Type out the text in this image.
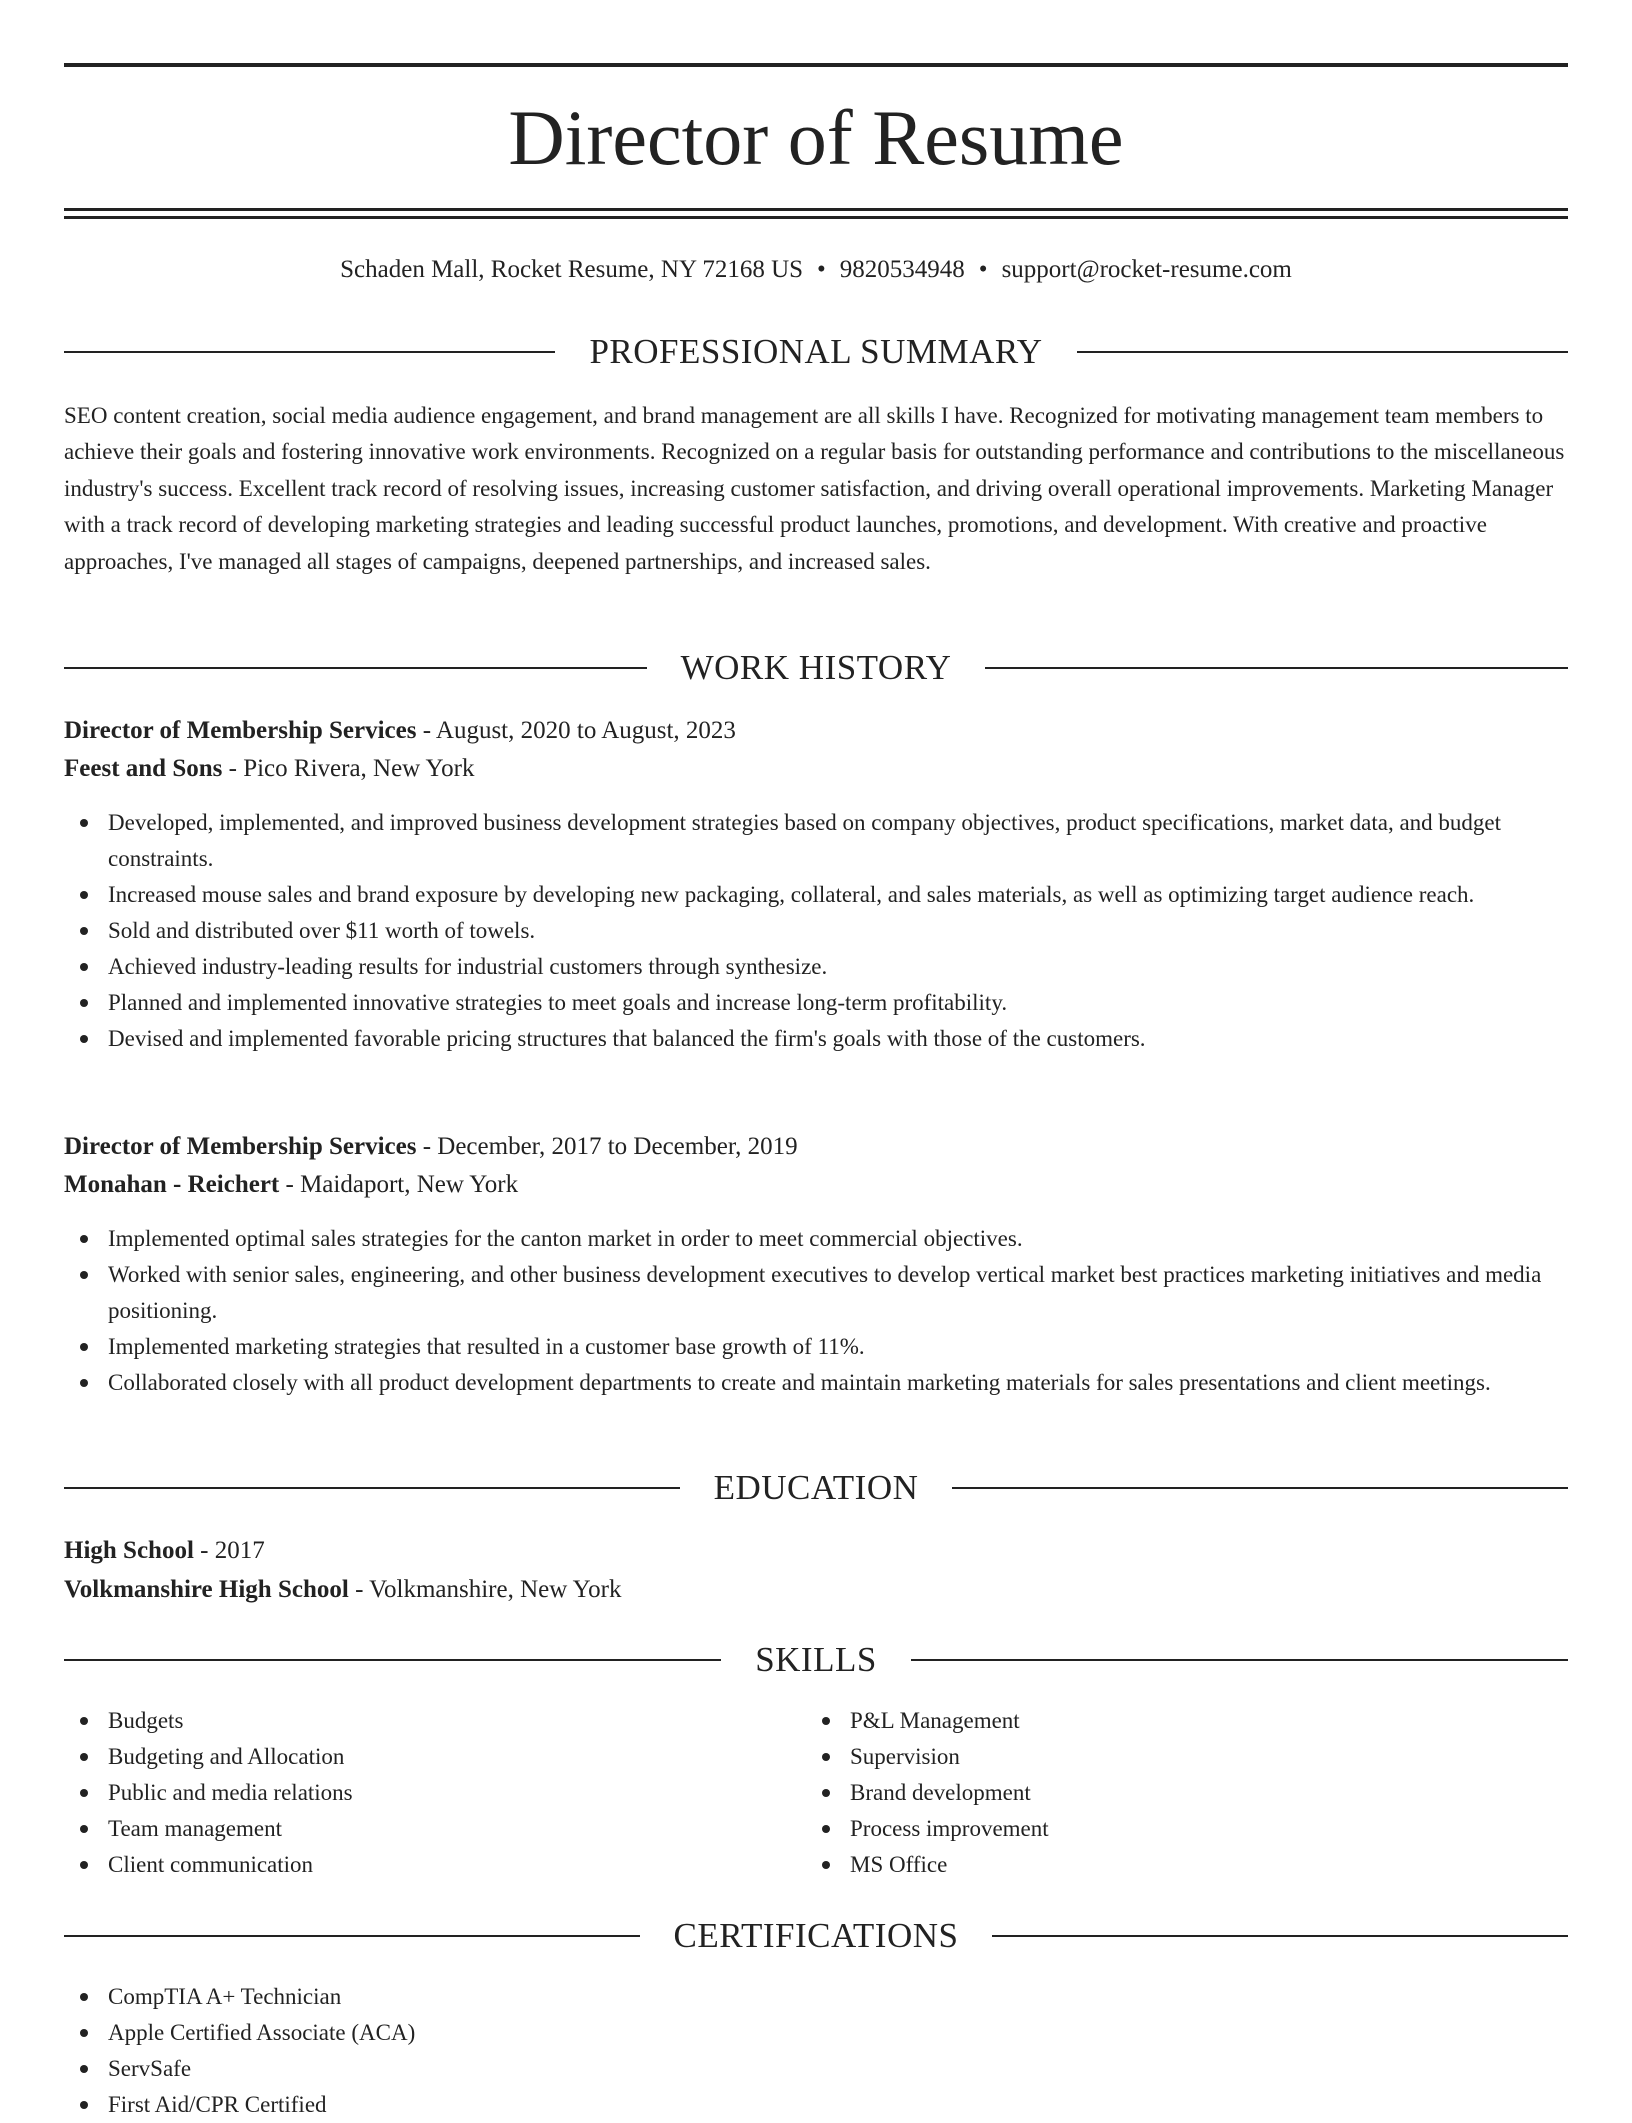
Director of Resume
Schaden Mall, Rocket Resume, NY 72168 US • 9820534948 • support@rocket-resume.com
PROFESSIONAL SUMMARY

SEO content creation, social media audience engagement, and brand management are all skills I have. Recognized for motivating management team members to achieve their goals and fostering innovative work environments. Recognized on a regular basis for outstanding performance and contributions to the miscellaneous industry's success. Excellent track record of resolving issues, increasing customer satisfaction, and driving overall operational improvements. Marketing Manager with a track record of developing marketing strategies and leading successful product launches, promotions, and development. With creative and proactive approaches, I've managed all stages of campaigns, deepened partnerships, and increased sales.

WORK HISTORY
Director of Membership Services - August, 2020 to August, 2023
Feest and Sons - Pico Rivera, New York
Developed, implemented, and improved business development strategies based on company objectives, product specifications, market data, and budget constraints.
Increased mouse sales and brand exposure by developing new packaging, collateral, and sales materials, as well as optimizing target audience reach.
Sold and distributed over $11 worth of towels.
Achieved industry-leading results for industrial customers through synthesize.
Planned and implemented innovative strategies to meet goals and increase long-term profitability.
Devised and implemented favorable pricing structures that balanced the firm's goals with those of the customers.
Director of Membership Services - December, 2017 to December, 2019
Monahan - Reichert - Maidaport, New York
Implemented optimal sales strategies for the canton market in order to meet commercial objectives.
Worked with senior sales, engineering, and other business development executives to develop vertical market best practices marketing initiatives and media positioning.
Implemented marketing strategies that resulted in a customer base growth of 11%.
Collaborated closely with all product development departments to create and maintain marketing materials for sales presentations and client meetings.
EDUCATION
High School - 2017
Volkmanshire High School - Volkmanshire, New York
SKILLS
Budgets
Budgeting and Allocation
Public and media relations
Team management
Client communication
P&L Management
Supervision
Brand development
Process improvement
MS Office
CERTIFICATIONS
CompTIA A+ Technician
Apple Certified Associate (ACA)
ServSafe
First Aid/CPR Certified
